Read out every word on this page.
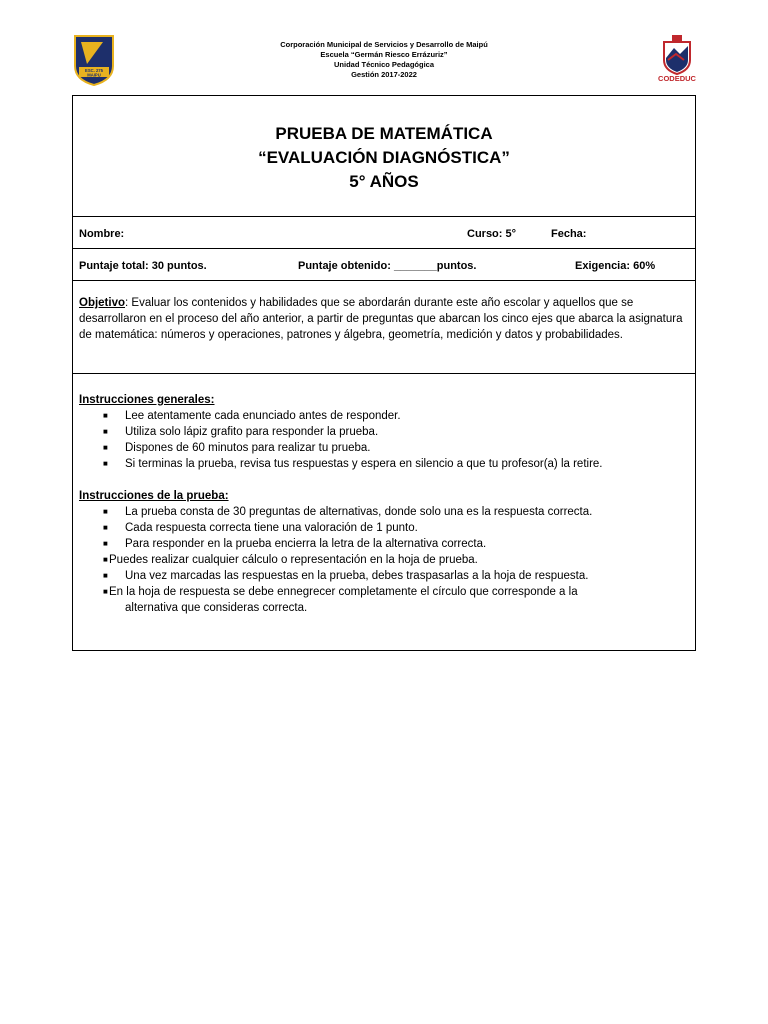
ESC. 275
MAIPU
Corporación Municipal de Servicios y Desarrollo de Maipú
Escuela “Germán Riesco Errázuriz”
Unidad Técnico Pedagógica
Gestión 2017-2022	CODEDUC
PRUEBA DE MATEMÁTICA
“EVALUACIÓN DIAGNÓSTICA”
5° AÑOS
Nombre:	Curso: 5°	Fecha:
Puntaje total: 30 puntos.	Puntaje obtenido: _______puntos.	Exigencia: 60%
Objetivo: Evaluar los contenidos y habilidades que se abordarán durante este año escolar y aquellos que se desarrollaron en el proceso del año anterior, a partir de preguntas que abarcan los cinco ejes que abarca la asignatura de matemática: números y operaciones, patrones y álgebra, geometría, medición y datos y probabilidades.
Instrucciones generales:
■ Lee atentamente cada enunciado antes de responder.
■ Utiliza solo lápiz grafito para responder la prueba.
■ Dispones de 60 minutos para realizar tu prueba.
■ Si terminas la prueba, revisa tus respuestas y espera en silencio a que tu profesor(a) la retire.
Instrucciones de la prueba:
■ La prueba consta de 30 preguntas de alternativas, donde solo una es la respuesta correcta.
■ Cada respuesta correcta tiene una valoración de 1 punto.
■ Para responder en la prueba encierra la letra de la alternativa correcta.
■ Puedes realizar cualquier cálculo o representación en la hoja de prueba.
■ Una vez marcadas las respuestas en la prueba, debes traspasarlas a la hoja de respuesta.
■ En la hoja de respuesta se debe ennegrecer completamente el círculo que corresponde a la
alternativa que consideras correcta.
